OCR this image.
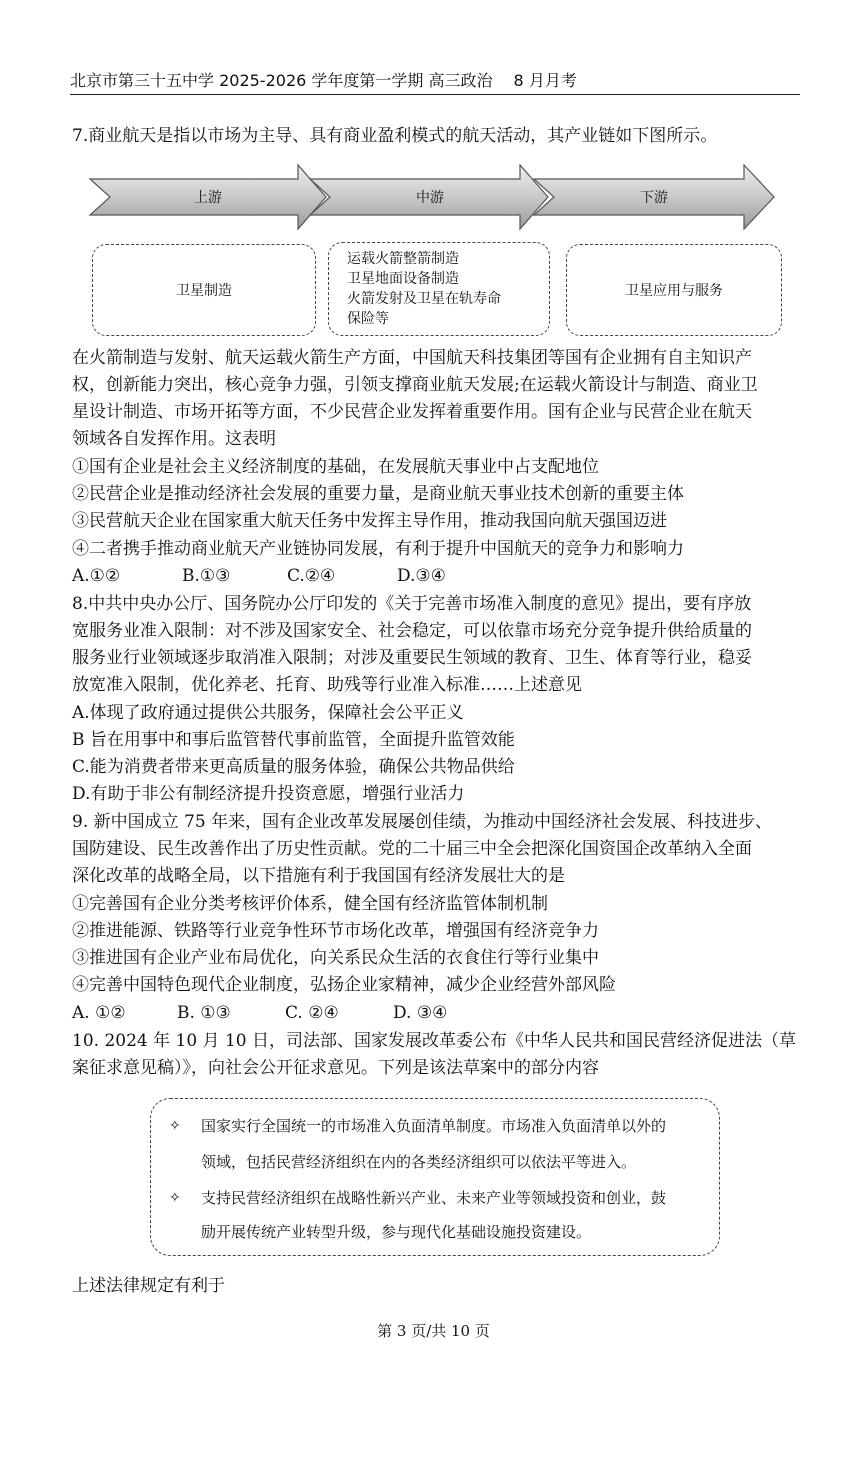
北京市第三十五中学 2025-2026 学年度第一学期 高三政治　 8 月月考
7.商业航天是指以市场为主导、具有商业盈利模式的航天活动，其产业链如下图所示。
上游	中游	下游
卫星制造
运载火箭整箭制造
卫星地面设备制造
火箭发射及卫星在轨寿命
保险等
卫星应用与服务
在火箭制造与发射、航天运载火箭生产方面，中国航天科技集团等国有企业拥有自主知识产
权，创新能力突出，核心竞争力强，引领支撑商业航天发展;在运载火箭设计与制造、商业卫
星设计制造、市场开拓等方面，不少民营企业发挥着重要作用。国有企业与民营企业在航天
领域各自发挥作用。这表明
①国有企业是社会主义经济制度的基础，在发展航天事业中占支配地位
②民营企业是推动经济社会发展的重要力量，是商业航天事业技术创新的重要主体
③民营航天企业在国家重大航天任务中发挥主导作用，推动我国向航天强国迈进
④二者携手推动商业航天产业链协同发展，有利于提升中国航天的竞争力和影响力
A.①②	B.①③	C.②④	D.③④
8.中共中央办公厅、国务院办公厅印发的《关于完善市场准入制度的意见》提出，要有序放
宽服务业准入限制：对不涉及国家安全、社会稳定，可以依靠市场充分竞争提升供给质量的
服务业行业领域逐步取消准入限制；对涉及重要民生领域的教育、卫生、体育等行业，稳妥
放宽准入限制，优化养老、托育、助残等行业准入标准……上述意见
A.体现了政府通过提供公共服务，保障社会公平正义
B 旨在用事中和事后监管替代事前监管，全面提升监管效能
C.能为消费者带来更高质量的服务体验，确保公共物品供给
D.有助于非公有制经济提升投资意愿，增强行业活力
9. 新中国成立 75 年来，国有企业改革发展屡创佳绩，为推动中国经济社会发展、科技进步、
国防建设、民生改善作出了历史性贡献。党的二十届三中全会把深化国资国企改革纳入全面
深化改革的战略全局，以下措施有利于我国国有经济发展壮大的是
①完善国有企业分类考核评价体系，健全国有经济监管体制机制
②推进能源、铁路等行业竞争性环节市场化改革，增强国有经济竞争力
③推进国有企业产业布局优化，向关系民众生活的衣食住行等行业集中
④完善中国特色现代企业制度，弘扬企业家精神，减少企业经营外部风险
A. ①②	B. ①③	C. ②④	D. ③④
10. 2024 年 10 月 10 日，司法部、国家发展改革委公布《中华人民共和国民营经济促进法（草
案征求意见稿）》，向社会公开征求意见。下列是该法草案中的部分内容
✧ 国家实行全国统一的市场准入负面清单制度。市场准入负面清单以外的
领域，包括民营经济组织在内的各类经济组织可以依法平等进入。
✧ 支持民营经济组织在战略性新兴产业、未来产业等领域投资和创业，鼓
励开展传统产业转型升级，参与现代化基础设施投资建设。
上述法律规定有利于
第 3 页/共 10 页
